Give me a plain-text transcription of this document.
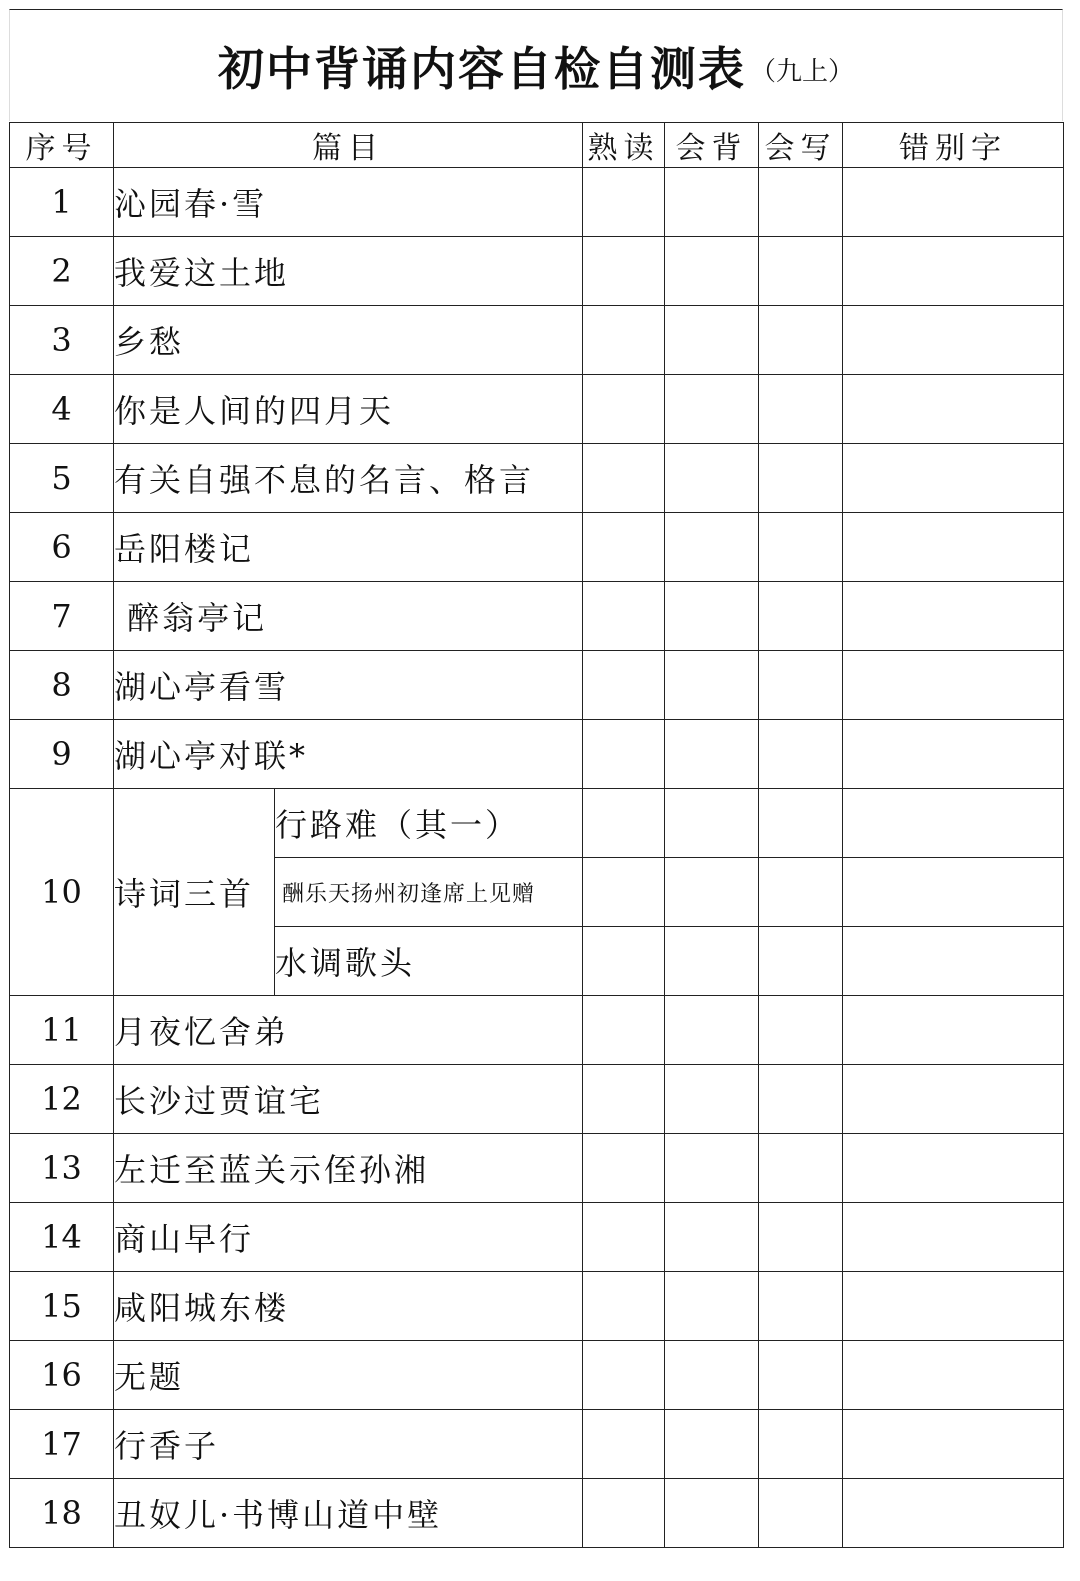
初中背诵内容自检自测表 （九上）
序号	篇目		熟读	会背	会写	错别字
1	沁园春·雪					
2	我爱这土地					
3	乡愁					
4	你是人间的四月天					
5	有关自强不息的名言、格言					
6	岳阳楼记					
7	醉翁亭记					
8	湖心亭看雪					
9	湖心亭对联*					
10	诗词三首	行路难（其一）				
		酬乐天扬州初逢席上见赠				
		水调歌头				
11	月夜忆舍弟					
12	长沙过贾谊宅					
13	左迁至蓝关示侄孙湘					
14	商山早行					
15	咸阳城东楼					
16	无题					
17	行香子					
18	丑奴儿·书博山道中壁					
